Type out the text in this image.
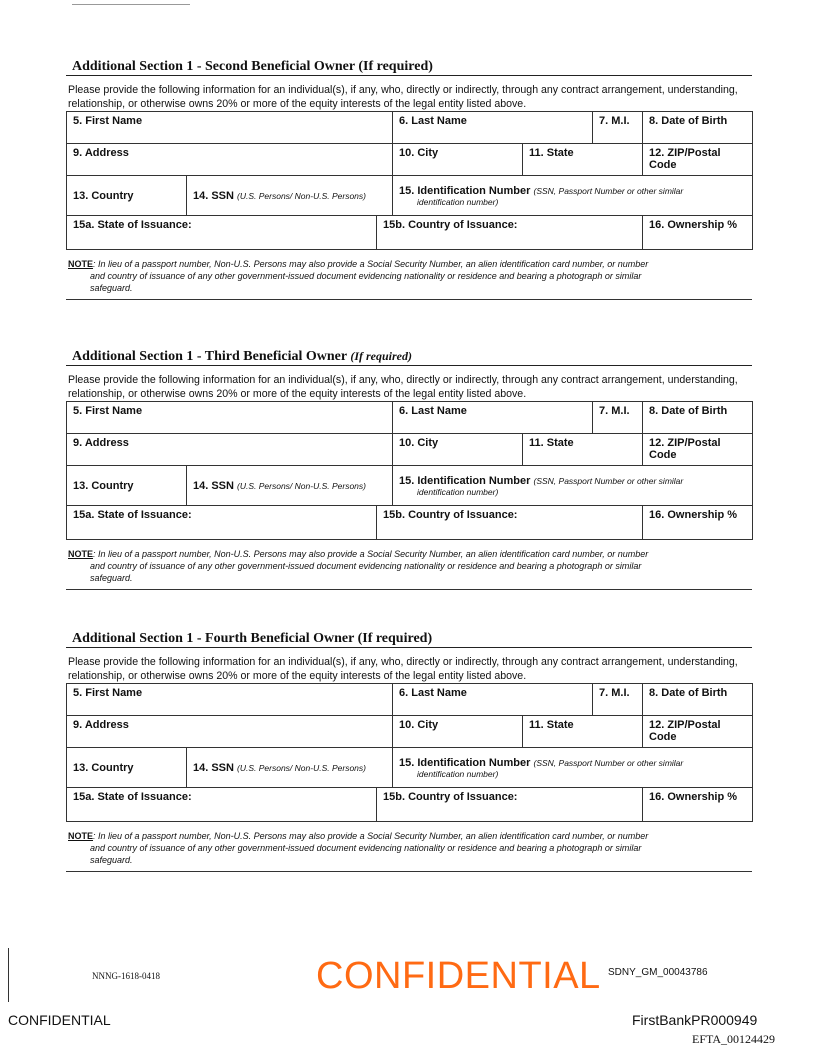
Additional Section 1 - Second Beneficial Owner (If required)
Please provide the following information for an individual(s), if any, who, directly or indirectly, through any contract arrangement, understanding, relationship, or otherwise owns 20% or more of the equity interests of the legal entity listed above.
5. First Name			6. Last Name		7. M.I.	8. Date of Birth
9. Address			10. City	11. State		12. ZIP/Postal Code
13. Country	14. SSN (U.S. Persons/ Non-U.S. Persons)		15. Identification Number (SSN, Passport Number or other similar
identification number)			

15a. State of Issuance:		15b. Country of Issuance:				16. Ownership %
NOTE: In lieu of a passport number, Non-U.S. Persons may also provide a Social Security Number, an alien identification card number, or number
and country of issuance of any other government-issued document evidencing nationality or residence and bearing a photograph or similar
safeguard.
Additional Section 1 - Third Beneficial Owner (If required)
Please provide the following information for an individual(s), if any, who, directly or indirectly, through any contract arrangement, understanding, relationship, or otherwise owns 20% or more of the equity interests of the legal entity listed above.
5. First Name			6. Last Name		7. M.I.	8. Date of Birth
9. Address			10. City	11. State		12. ZIP/Postal Code
13. Country	14. SSN (U.S. Persons/ Non-U.S. Persons)		15. Identification Number (SSN, Passport Number or other similar
identification number)			

15a. State of Issuance:		15b. Country of Issuance:				16. Ownership %
NOTE: In lieu of a passport number, Non-U.S. Persons may also provide a Social Security Number, an alien identification card number, or number
and country of issuance of any other government-issued document evidencing nationality or residence and bearing a photograph or similar
safeguard.
Additional Section 1 - Fourth Beneficial Owner (If required)
Please provide the following information for an individual(s), if any, who, directly or indirectly, through any contract arrangement, understanding, relationship, or otherwise owns 20% or more of the equity interests of the legal entity listed above.
5. First Name			6. Last Name		7. M.I.	8. Date of Birth
9. Address			10. City	11. State		12. ZIP/Postal Code
13. Country	14. SSN (U.S. Persons/ Non-U.S. Persons)		15. Identification Number (SSN, Passport Number or other similar
identification number)			

15a. State of Issuance:		15b. Country of Issuance:				16. Ownership %
NOTE: In lieu of a passport number, Non-U.S. Persons may also provide a Social Security Number, an alien identification card number, or number
and country of issuance of any other government-issued document evidencing nationality or residence and bearing a photograph or similar
safeguard.
NNNG-1618-0418	CONFIDENTIAL SDNY_GM_00043786
CONFIDENTIAL	FirstBankPR000949
EFTA_00124429
